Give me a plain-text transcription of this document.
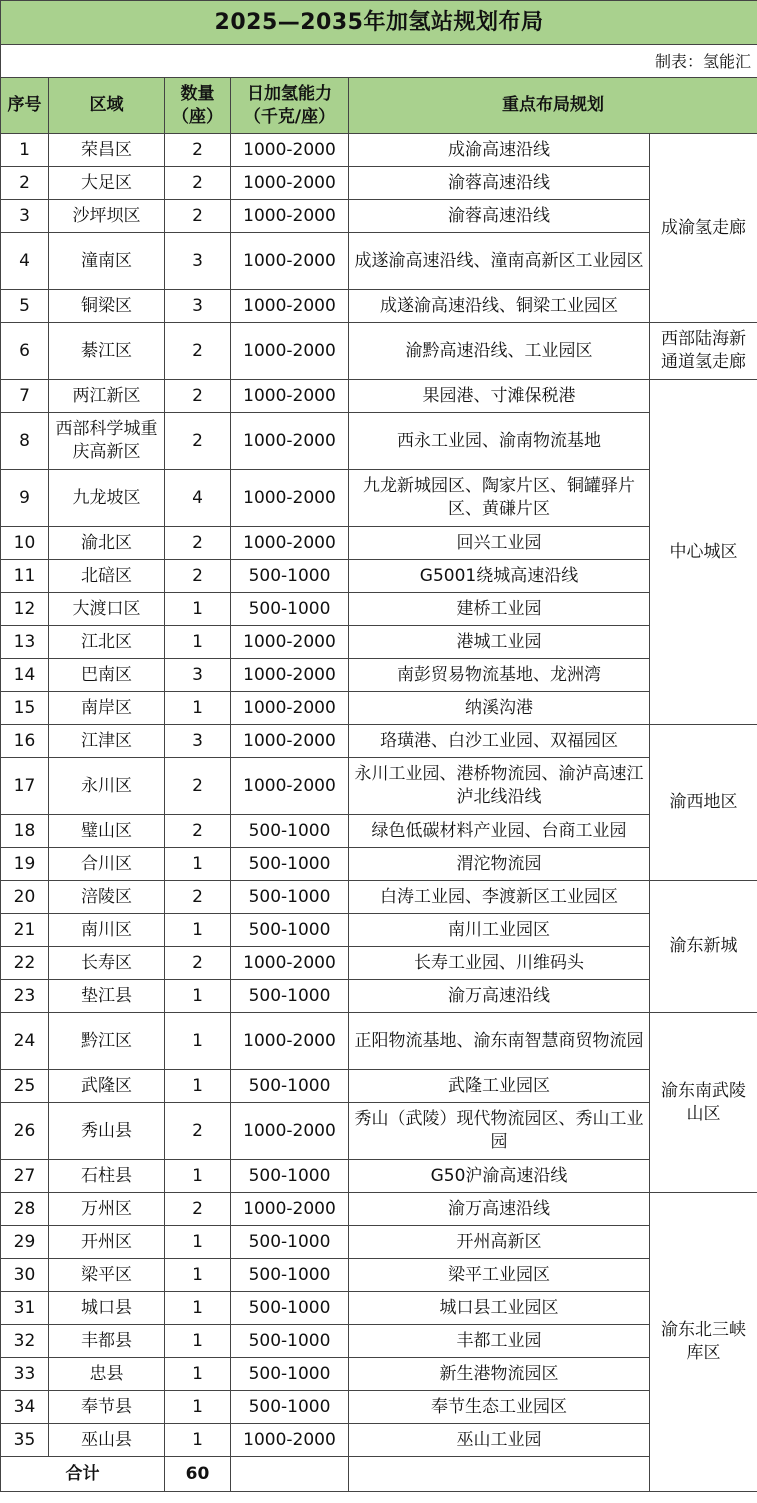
2025—2035年加氢站规划布局						
制表：氢能汇						
序号	区域	数量（座）	日加氢能力（千克/座）	重点布局规划		
1	荣昌区	2	1000-2000	成渝高速沿线	成渝氢走廊	
2	大足区	2	1000-2000	渝蓉高速沿线		
3	沙坪坝区	2	1000-2000	渝蓉高速沿线		
4	潼南区	3	1000-2000	成遂渝高速沿线、潼南高新区工业园区		
5	铜梁区	3	1000-2000	成遂渝高速沿线、铜梁工业园区		
6	綦江区	2	1000-2000	渝黔高速沿线、工业园区	西部陆海新通道氢走廊	
7	两江新区	2	1000-2000	果园港、寸滩保税港	中心城区	
8	西部科学城重庆高新区	2	1000-2000	西永工业园、渝南物流基地		
9	九龙坡区	4	1000-2000	九龙新城园区、陶家片区、铜罐驿片区、黄磏片区		
10	渝北区	2	1000-2000	回兴工业园		
11	北碚区	2	500-1000	G5001绕城高速沿线		
12	大渡口区	1	500-1000	建桥工业园		
13	江北区	1	1000-2000	港城工业园		
14	巴南区	3	1000-2000	南彭贸易物流基地、龙洲湾		
15	南岸区	1	1000-2000	纳溪沟港		
16	江津区	3	1000-2000	珞璜港、白沙工业园、双福园区	渝西地区	
17	永川区	2	1000-2000	永川工业园、港桥物流园、渝泸高速江泸北线沿线		
18	璧山区	2	500-1000	绿色低碳材料产业园、台商工业园		
19	合川区	1	500-1000	渭沱物流园		
20	涪陵区	2	500-1000	白涛工业园、李渡新区工业园区	渝东新城	
21	南川区	1	500-1000	南川工业园区		
22	长寿区	2	1000-2000	长寿工业园、川维码头		
23	垫江县	1	500-1000	渝万高速沿线		
24	黔江区	1	1000-2000	正阳物流基地、渝东南智慧商贸物流园	渝东南武陵山区	
25	武隆区	1	500-1000	武隆工业园区		
26	秀山县	2	1000-2000	秀山（武陵）现代物流园区、秀山工业园		
27	石柱县	1	500-1000	G50沪渝高速沿线		
28	万州区	2	1000-2000	渝万高速沿线	渝东北三峡库区	
29	开州区	1	500-1000	开州高新区		
30	梁平区	1	500-1000	梁平工业园区		
31	城口县	1	500-1000	城口县工业园区		
32	丰都县	1	500-1000	丰都工业园		
33	忠县	1	500-1000	新生港物流园区		
34	奉节县	1	500-1000	奉节生态工业园区		
35	巫山县	1	1000-2000	巫山工业园		
合计		60				
